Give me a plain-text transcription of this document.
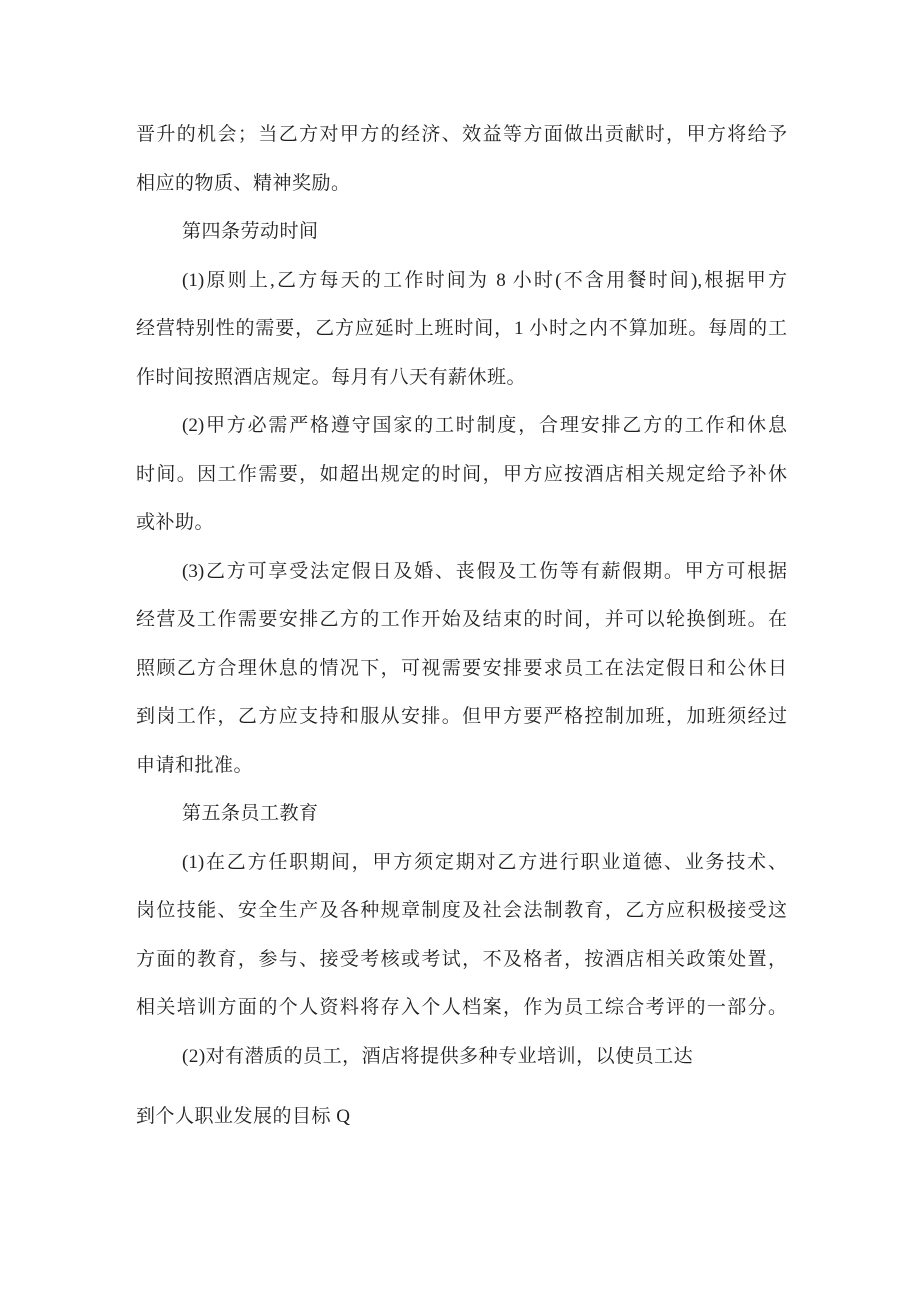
晋升的机会；当乙方对甲方的经济、效益等方面做出贡献时，甲方将给予
相应的物质、精神奖励。
第四条劳动时间
(1)原则上,乙方每天的工作时间为 8 小时(不含用餐时间),根据甲方
经营特别性的需要，乙方应延时上班时间，1 小时之内不算加班。每周的工
作时间按照酒店规定。每月有八天有薪休班。
(2)甲方必需严格遵守国家的工时制度，合理安排乙方的工作和休息
时间。因工作需要，如超出规定的时间，甲方应按酒店相关规定给予补休
或补助。
(3)乙方可享受法定假日及婚、丧假及工伤等有薪假期。甲方可根据
经营及工作需要安排乙方的工作开始及结束的时间，并可以轮换倒班。在
照顾乙方合理休息的情况下，可视需要安排要求员工在法定假日和公休日
到岗工作，乙方应支持和服从安排。但甲方要严格控制加班，加班须经过
申请和批准。
第五条员工教育
(1)在乙方任职期间，甲方须定期对乙方进行职业道德、业务技术、
岗位技能、安全生产及各种规章制度及社会法制教育，乙方应积极接受这
方面的教育，参与、接受考核或考试，不及格者，按酒店相关政策处置，
相关培训方面的个人资料将存入个人档案，作为员工综合考评的一部分。
(2)对有潜质的员工，酒店将提供多种专业培训，以使员工达
到个人职业发展的目标 Q
